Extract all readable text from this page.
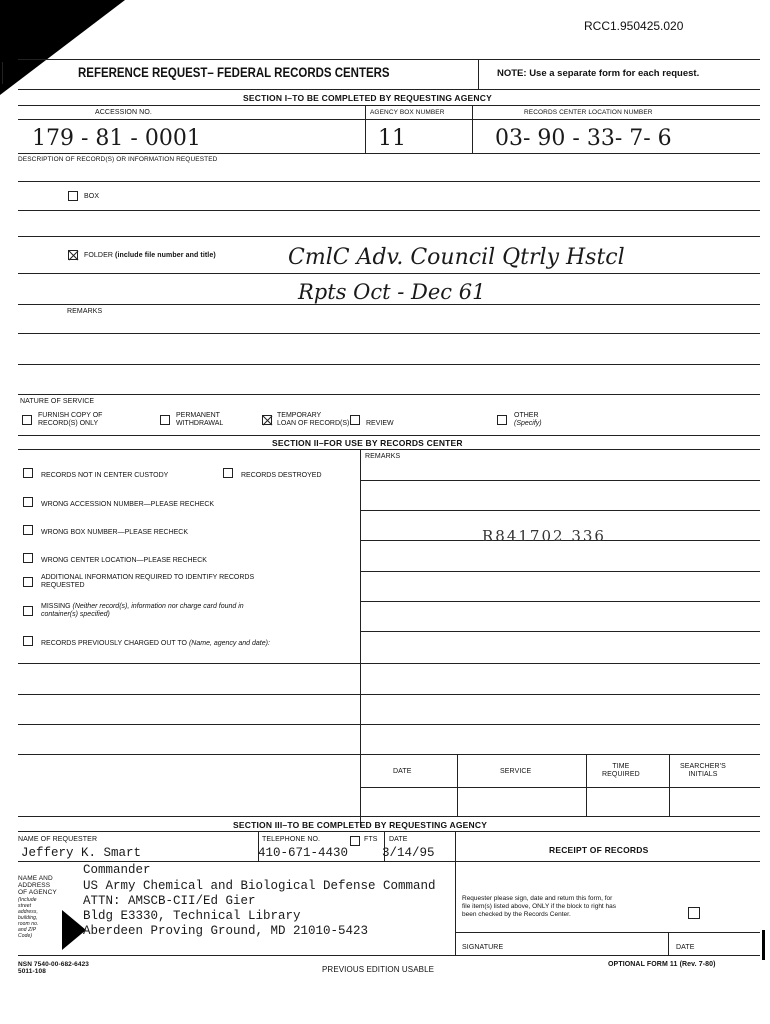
RCC1.950425.020
REFERENCE REQUEST– FEDERAL RECORDS CENTERS	NOTE: Use a separate form for each request.
SECTION I–TO BE COMPLETED BY REQUESTING AGENCY
ACCESSION NO.	AGENCY BOX NUMBER	RECORDS CENTER LOCATION NUMBER
179 - 81 - 0001	11	03- 90 - 33- 7- 6
DESCRIPTION OF RECORD(S) OR INFORMATION REQUESTED
BOX
FOLDER (include file number and title)	CmlC Adv. Council Qtrly Hstcl
Rpts Oct - Dec 61
REMARKS
NATURE OF SERVICE
FURNISH COPY OF
RECORD(S) ONLY
PERMANENT
WITHDRAWAL
TEMPORARY
LOAN OF RECORD(S) REVIEW
OTHER
(Specify)
SECTION II–FOR USE BY RECORDS CENTER
REMARKS
R841702 336
RECORDS NOT IN CENTER CUSTODY	RECORDS DESTROYED
WRONG ACCESSION NUMBER—PLEASE RECHECK
WRONG BOX NUMBER—PLEASE RECHECK
WRONG CENTER LOCATION—PLEASE RECHECK
ADDITIONAL INFORMATION REQUIRED TO IDENTIFY RECORDS
REQUESTED
MISSING (Neither record(s), information nor charge card found in
container(s) specified)
RECORDS PREVIOUSLY CHARGED OUT TO (Name, agency and date):
DATE	SERVICE
TIME
REQUIRED
SEARCHER'S
INITIALS
SECTION III–TO BE COMPLETED BY REQUESTING AGENCY
NAME OF REQUESTER
Jeffery K. Smart
TELEPHONE NO.	FTS
410-671-4430
DATE
3/14/95
NAME AND
ADDRESS
OF AGENCY
(Include
street
address,
building,
room no.
and ZIP
Code)
Commander
US Army Chemical and Biological Defense Command
ATTN: AMSCB-CII/Ed Gier
Bldg E3330, Technical Library
Aberdeen Proving Ground, MD 21010-5423
RECEIPT OF RECORDS
Requester please sign, date and return this form, for
file item(s) listed above, ONLY if the block to right has
been checked by the Records Center.
SIGNATURE	DATE
NSN 7540-00-682-6423
5011-108	PREVIOUS EDITION USABLE
OPTIONAL FORM 11 (Rev. 7-80)
